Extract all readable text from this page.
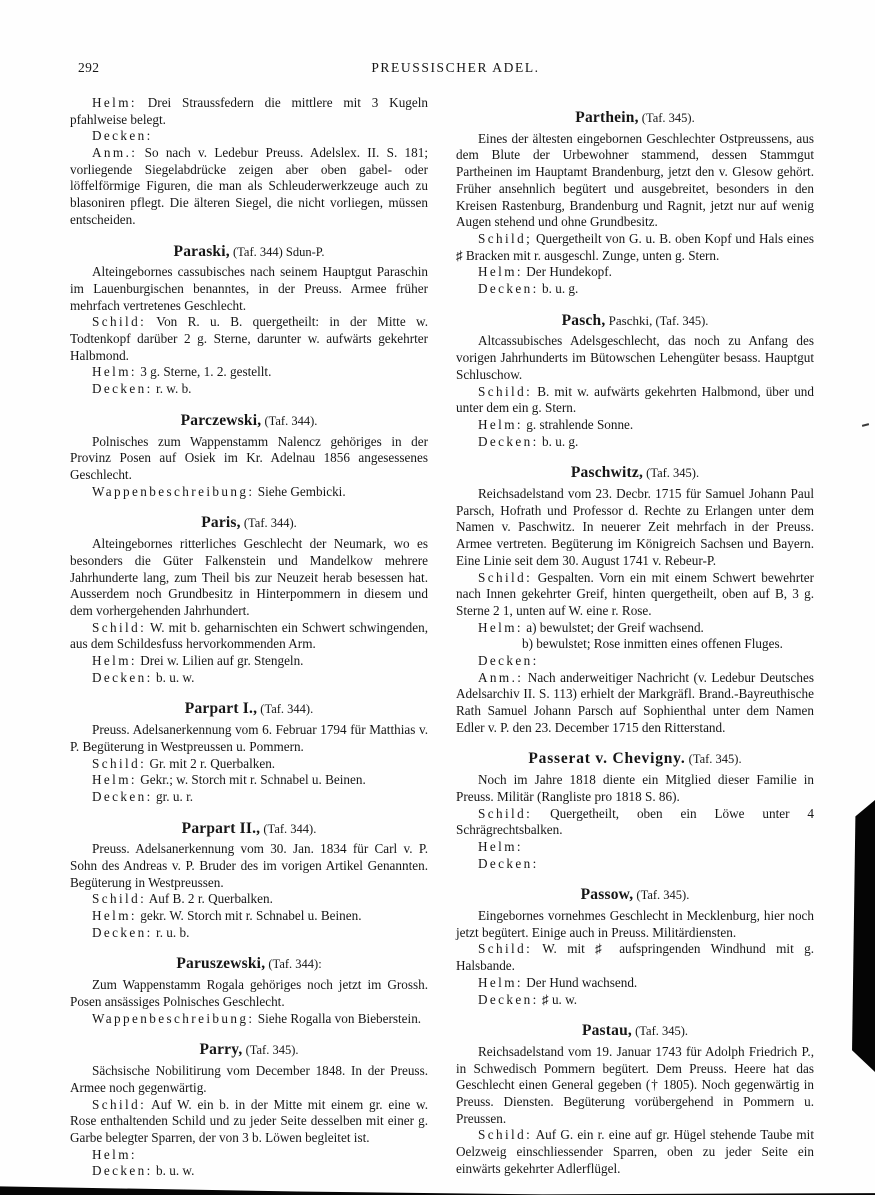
292	PREUSSISCHER ADEL.

Helm: Drei Straussfedern die mittlere mit 3 Kugeln pfahlweise belegt.

Decken:

Anm.: So nach v. Ledebur Preuss. Adelslex. II. S. 181; vorliegende Siegelabdrücke zeigen aber oben gabel- oder löffelförmige Figuren, die man als Schleuderwerkzeuge auch zu blasoniren pflegt. Die älteren Siegel, die nicht vorliegen, müssen entscheiden.

Paraski, (Taf. 344) Sdun-P.

Alteingebornes cassubisches nach seinem Hauptgut Paraschin im Lauenburgischen benanntes, in der Preuss. Armee früher mehrfach vertretenes Geschlecht.

Schild: Von R. u. B. quergetheilt: in der Mitte w. Todtenkopf darüber 2 g. Sterne, darunter w. aufwärts gekehrter Halbmond.

Helm: 3 g. Sterne, 1. 2. gestellt.

Decken: r. w. b.

Parczewski, (Taf. 344).

Polnisches zum Wappenstamm Nalencz gehöriges in der Provinz Posen auf Osiek im Kr. Adelnau 1856 angesessenes Geschlecht.

Wappenbeschreibung: Siehe Gembicki.

Paris, (Taf. 344).

Alteingebornes ritterliches Geschlecht der Neumark, wo es besonders die Güter Falkenstein und Mandelkow mehrere Jahrhunderte lang, zum Theil bis zur Neuzeit herab besessen hat. Ausserdem noch Grundbesitz in Hinterpommern in diesem und dem vorhergehenden Jahrhundert.

Schild: W. mit b. geharnischten ein Schwert schwingenden, aus dem Schildesfuss hervorkommenden Arm.

Helm: Drei w. Lilien auf gr. Stengeln.

Decken: b. u. w.

Parpart I., (Taf. 344).

Preuss. Adelsanerkennung vom 6. Februar 1794 für Matthias v. P. Begüterung in Westpreussen u. Pommern.

Schild: Gr. mit 2 r. Querbalken.

Helm: Gekr.; w. Storch mit r. Schnabel u. Beinen.

Decken: gr. u. r.

Parpart II., (Taf. 344).

Preuss. Adelsanerkennung vom 30. Jan. 1834 für Carl v. P. Sohn des Andreas v. P. Bruder des im vorigen Artikel Genannten. Begüterung in Westpreussen.

Schild: Auf B. 2 r. Querbalken.

Helm: gekr. W. Storch mit r. Schnabel u. Beinen.

Decken: r. u. b.

Paruszewski, (Taf. 344):

Zum Wappenstamm Rogala gehöriges noch jetzt im Grossh. Posen ansässiges Polnisches Geschlecht.

Wappenbeschreibung: Siehe Rogalla von Bieberstein.

Parry, (Taf. 345).

Sächsische Nobilitirung vom December 1848. In der Preuss. Armee noch gegenwärtig.

Schild: Auf W. ein b. in der Mitte mit einem gr. eine w. Rose enthaltenden Schild und zu jeder Seite desselben mit einer g. Garbe belegter Sparren, der von 3 b. Löwen begleitet ist.

Helm:

Decken: b. u. w.

Parthein, (Taf. 345).

Eines der ältesten eingebornen Geschlechter Ostpreussens, aus dem Blute der Urbewohner stammend, dessen Stammgut Partheinen im Hauptamt Brandenburg, jetzt den v. Glesow gehört. Früher ansehnlich begütert und ausgebreitet, besonders in den Kreisen Rastenburg, Brandenburg und Ragnit, jetzt nur auf wenig Augen stehend und ohne Grundbesitz.

Schild; Quergetheilt von G. u. B. oben Kopf und Hals eines ♯ Bracken mit r. ausgeschl. Zunge, unten g. Stern.

Helm: Der Hundekopf.

Decken: b. u. g.

Pasch, Paschki, (Taf. 345).

Altcassubisches Adelsgeschlecht, das noch zu Anfang des vorigen Jahrhunderts im Bütowschen Lehengüter besass. Hauptgut Schluschow.

Schild: B. mit w. aufwärts gekehrten Halbmond, über und unter dem ein g. Stern.

Helm: g. strahlende Sonne.

Decken: b. u. g.

Paschwitz, (Taf. 345).

Reichsadelstand vom 23. Decbr. 1715 für Samuel Johann Paul Parsch, Hofrath und Professor d. Rechte zu Erlangen unter dem Namen v. Paschwitz. In neuerer Zeit mehrfach in der Preuss. Armee vertreten. Begüterung im Königreich Sachsen und Bayern. Eine Linie seit dem 30. August 1741 v. Rebeur-P.

Schild: Gespalten. Vorn ein mit einem Schwert bewehrter nach Innen gekehrter Greif, hinten quergetheilt, oben auf B, 3 g. Sterne 2 1, unten auf W. eine r. Rose.

Helm: a) bewulstet; der Greif wachsend.

b) bewulstet; Rose inmitten eines offenen Fluges.

Decken:

Anm.: Nach anderweitiger Nachricht (v. Ledebur Deutsches Adelsarchiv II. S. 113) erhielt der Markgräfl. Brand.-Bayreuthische Rath Samuel Johann Parsch auf Sophienthal unter dem Namen Edler v. P. den 23. December 1715 den Ritterstand.

Passerat v. Chevigny. (Taf. 345).

Noch im Jahre 1818 diente ein Mitglied dieser Familie in Preuss. Militär (Rangliste pro 1818 S. 86).

Schild: Quergetheilt, oben ein Löwe unter 4 Schrägrechtsbalken.

Helm:

Decken:

Passow, (Taf. 345).

Eingebornes vornehmes Geschlecht in Mecklenburg, hier noch jetzt begütert. Einige auch in Preuss. Militärdiensten.

Schild: W. mit ♯ aufspringenden Windhund mit g. Halsbande.

Helm: Der Hund wachsend.

Decken: ♯ u. w.

Pastau, (Taf. 345).

Reichsadelstand vom 19. Januar 1743 für Adolph Friedrich P., in Schwedisch Pommern begütert. Dem Preuss. Heere hat das Geschlecht einen General gegeben († 1805). Noch gegenwärtig in Preuss. Diensten. Begüterung vorübergehend in Pommern u. Preussen.

Schild: Auf G. ein r. eine auf gr. Hügel stehende Taube mit Oelzweig einschliessender Sparren, oben zu jeder Seite ein einwärts gekehrter Adlerflügel.
